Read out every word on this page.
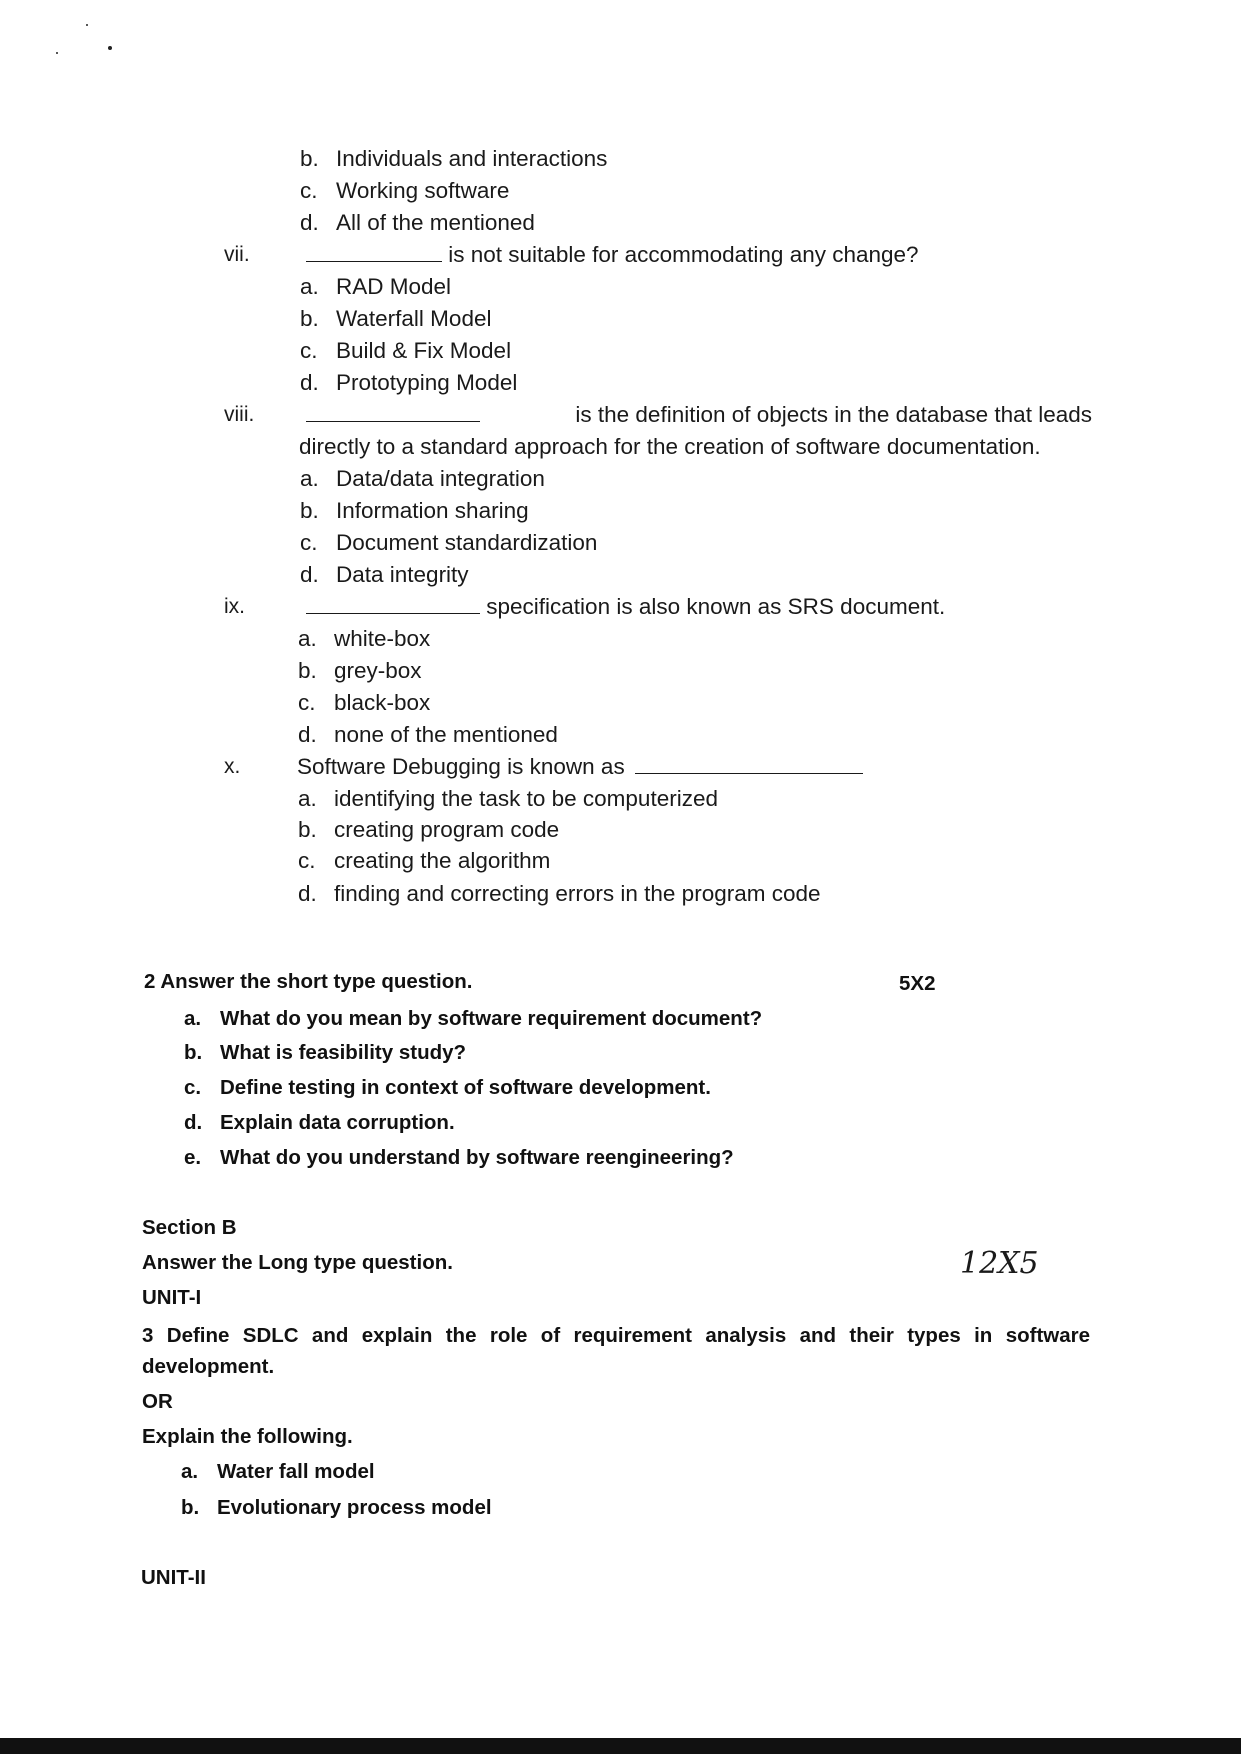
b. Individuals and interactions
c. Working software
d. All of the mentioned
vii.	is not suitable for accommodating any change?
a. RAD Model
b. Waterfall Model
c. Build & Fix Model
d. Prototyping Model
viii.	is the definition of objects in the database that leads
directly to a standard approach for the creation of software documentation.
a. Data/data integration
b. Information sharing
c. Document standardization
d. Data integrity
ix.	specification is also known as SRS document.
a. white-box
b. grey-box
c. black-box
d. none of the mentioned
x.	Software Debugging is known as
a. identifying the task to be computerized
b. creating program code
c. creating the algorithm
d. finding and correcting errors in the program code
2 Answer the short type question.	5X2
a. What do you mean by software requirement document?
b. What is feasibility study?
c. Define testing in context of software development.
d. Explain data corruption.
e. What do you understand by software reengineering?
Section B
Answer the Long type question.	12X5
UNIT-I
3 Define SDLC and explain the role of requirement analysis and their types in software development.
OR
Explain the following.
a. Water fall model
b. Evolutionary process model
UNIT-II
